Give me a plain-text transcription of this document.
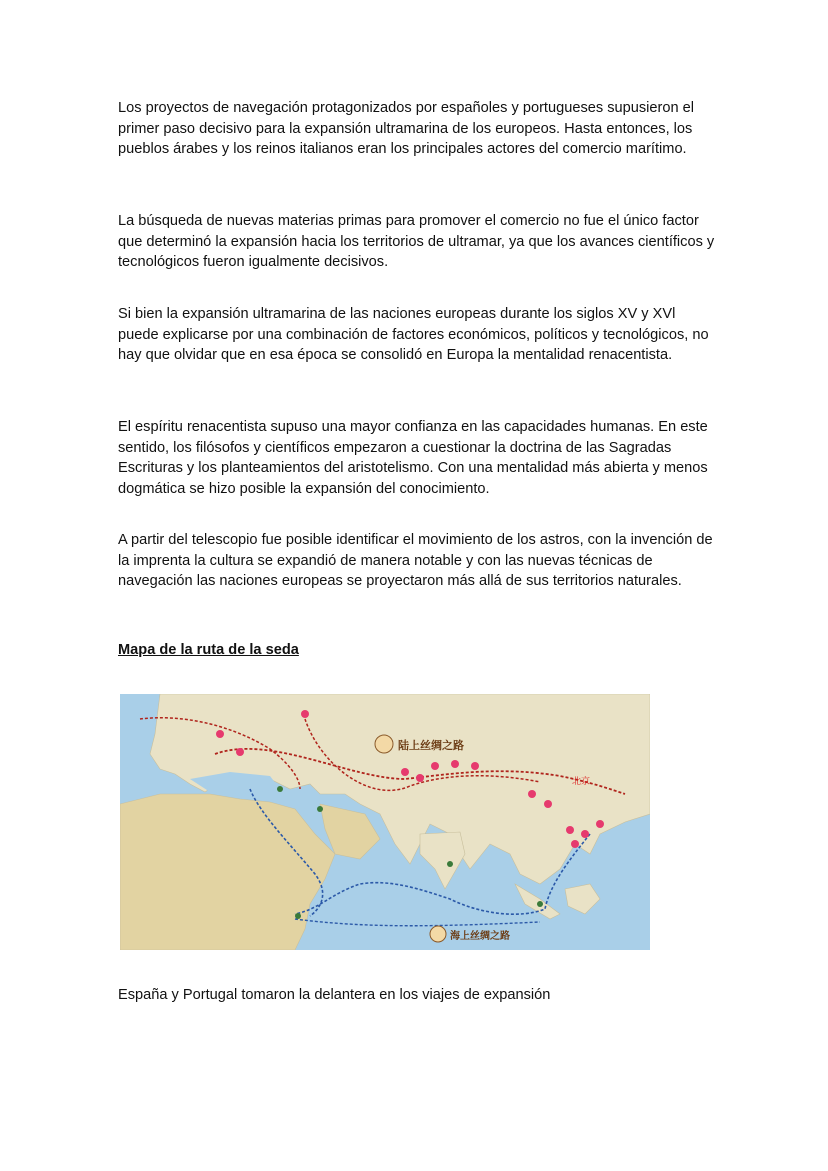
Los proyectos de navegación protagonizados por españoles y portugueses supusieron el primer paso decisivo para la expansión ultramarina de los europeos. Hasta entonces, los pueblos árabes y los reinos italianos eran los principales actores del comercio marítimo.

La búsqueda de nuevas materias primas para promover el comercio no fue el único factor que determinó la expansión hacia los territorios de ultramar, ya que los avances científicos y tecnológicos fueron igualmente decisivos.

Si bien la expansión ultramarina de las naciones europeas durante los siglos XV y XVl puede explicarse por una combinación de factores económicos, políticos y tecnológicos, no hay que olvidar que en esa época se consolidó en Europa la mentalidad renacentista.

El espíritu renacentista supuso una mayor confianza en las capacidades humanas. En este sentido, los filósofos y científicos empezaron a cuestionar la doctrina de las Sagradas Escrituras y los planteamientos del aristotelismo. Con una mentalidad más abierta y menos dogmática se hizo posible la expansión del conocimiento.

A partir del telescopio fue posible identificar el movimiento de los astros, con la invención de la imprenta la cultura se expandió de manera notable y con las nuevas técnicas de navegación las naciones europeas se proyectaron más allá de sus territorios naturales.

Mapa de la ruta de la seda
陆上丝绸之路
海上丝绸之路
北京
España y Portugal tomaron la delantera en los viajes de expansión
